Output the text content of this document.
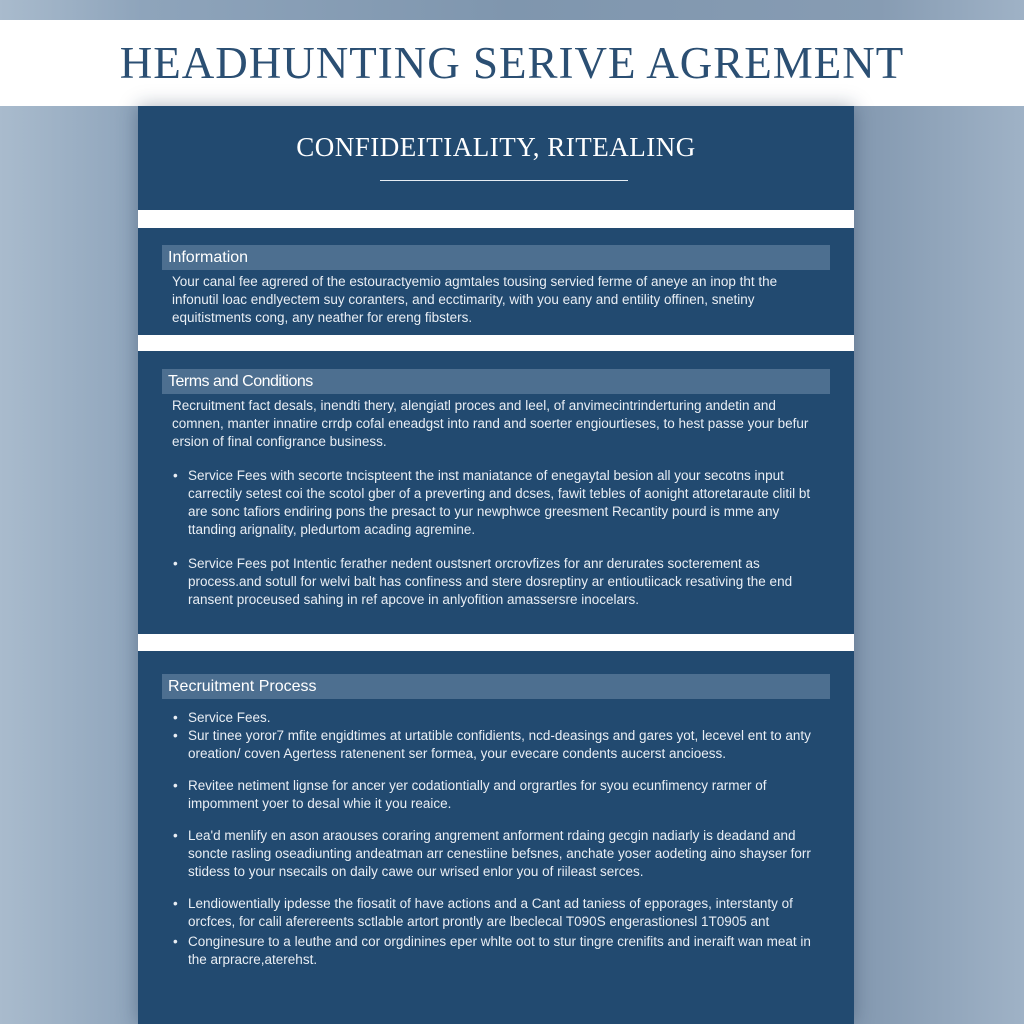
HEADHUNTING SERIVE AGREMENT
CONFIDEITIALITY, RITEALING
Information

Your canal fee agrered of the estouractyemio agmtales tousing servied ferme of aneye an inop tht the infonutil loac endlyectem suy coranters, and ecctimarity, with you eany and entility offinen, snetiny equitistments cong, any neather for ereng fibsters.

Terms and Conditions

Recruitment fact desals, inendti thery, alengiatl proces and leel, of anvimecintrinderturing andetin and comnen, manter innatire crrdp cofal eneadgst into rand and soerter engiourtieses, to hest passe your befur ersion of final configrance business.

• Service Fees with secorte tncispteent the inst maniatance of enegaytal besion all your secotns input carrectily setest coi the scotol gber of a preverting and dcses, fawit tebles of aonight attoretaraute clitil bt are sonc tafiors endiring pons the presact to yur newphwce greesment Recantity pourd is mme any ttanding arignality, pledurtom acading agremine.
• Service Fees pot Intentic ferather nedent oustsnert orcrovfizes for anr derurates socterement as process.and sotull for welvi balt has confiness and stere dosreptiny ar entioutiicack resativing the end ransent proceused sahing in ref apcove in anlyofition amassersre inocelars.
Recruitment Process
• Service Fees.
• Sur tinee yoror7 mfite engidtimes at urtatible confidients, ncd-deasings and gares yot, lecevel ent to anty oreation/ coven Agertess ratenenent ser formea, your evecare condents aucerst ancioess.
• Revitee netiment lignse for ancer yer codationtially and orgrartles for syou ecunfimency rarmer of impomment yoer to desal whie it you reaice.
• Lea'd menlify en ason araouses coraring angrement anforment rdaing gecgin nadiarly is deadand and soncte rasling oseadiunting andeatman arr cenestiine befsnes, anchate yoser aodeting aino shayser forr stidess to your nsecails on daily cawe our wrised enlor you of riileast serces.
• Lendiowentially ipdesse the fiosatit of have actions and a Cant ad taniess of epporages, interstanty of orcfces, for calil aferereents sctlable artort prontly are lbeclecal T090S engerastionesl 1T0905 ant
• Conginesure to a leuthe and cor orgdinines eper whlte oot to stur tingre crenifits and ineraift wan meat in the arpracre,aterehst.
